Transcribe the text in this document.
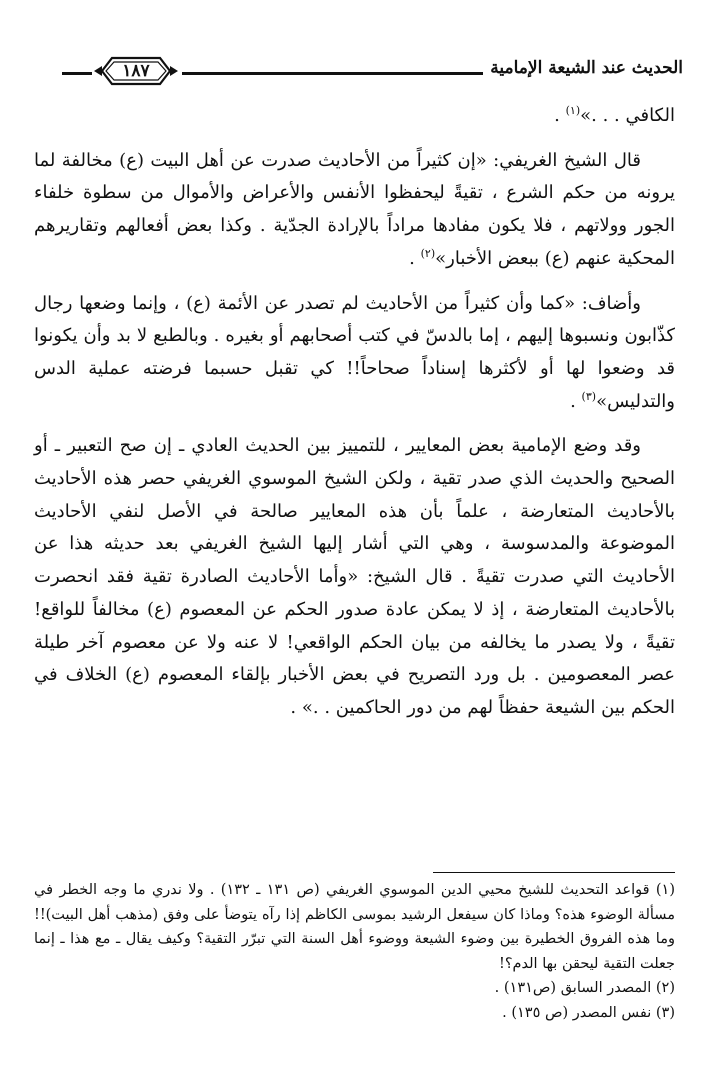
الحديث عند الشيعة الإمامية
١٨٧

الكافي . . .»$^{(١)}$ .

قال الشيخ الغريفي: «إن كثيراً من الأحاديث صدرت عن أهل البيت (ع) مخالفة لما يرونه من حكم الشرع ، تقيةً ليحفظوا الأنفس والأعراض والأموال من سطوة خلفاء الجور وولاتهم ، فلا يكون مفادها مراداً بالإرادة الجدّية . وكذا بعض أفعالهم وتقاريرهم المحكية عنهم (ع) ببعض الأخبار»$^{(٢)}$ .

وأضاف: «كما وأن كثيراً من الأحاديث لم تصدر عن الأئمة (ع) ، وإنما وضعها رجال كذّابون ونسبوها إليهم ، إما بالدسّ في كتب أصحابهم أو بغيره . وبالطبع لا بد وأن يكونوا قد وضعوا لها أو لأكثرها إسناداً صحاحاً!! كي تقبل حسبما فرضته عملية الدس والتدليس»$^{(٣)}$ .

وقد وضع الإمامية بعض المعايير ، للتمييز بين الحديث العادي ـ إن صح التعبير ـ أو الصحيح والحديث الذي صدر تقية ، ولكن الشيخ الموسوي الغريفي حصر هذه الأحاديث بالأحاديث المتعارضة ، علماً بأن هذه المعايير صالحة في الأصل لنفي الأحاديث الموضوعة والمدسوسة ، وهي التي أشار إليها الشيخ الغريفي بعد حديثه هذا عن الأحاديث التي صدرت تقيةً . قال الشيخ: «وأما الأحاديث الصادرة تقية فقد انحصرت بالأحاديث المتعارضة ، إذ لا يمكن عادة صدور الحكم عن المعصوم (ع) مخالفاً للواقع! تقيةً ، ولا يصدر ما يخالفه من بيان الحكم الواقعي! لا عنه ولا عن معصوم آخر طيلة عصر المعصومين . بل ورد التصريح في بعض الأخبار بإلقاء المعصوم (ع) الخلاف في الحكم بين الشيعة حفظاً لهم من دور الحاكمين . .» .

(١) قواعد التحديث للشيخ محيي الدين الموسوي الغريفي (ص ١٣١ ـ ١٣٢) . ولا ندري ما وجه الخطر في مسألة الوضوء هذه؟ وماذا كان سيفعل الرشيد بموسى الكاظم إذا رآه يتوضأ على وفق (مذهب أهل البيت)!! وما هذه الفروق الخطيرة بين وضوء الشيعة ووضوء أهل السنة التي تبرّر التقية؟ وكيف يقال ـ مع هذا ـ إنما جعلت التقية ليحقن بها الدم؟!

(٢) المصدر السابق (ص١٣١) .

(٣) نفس المصدر (ص ١٣٥) .
